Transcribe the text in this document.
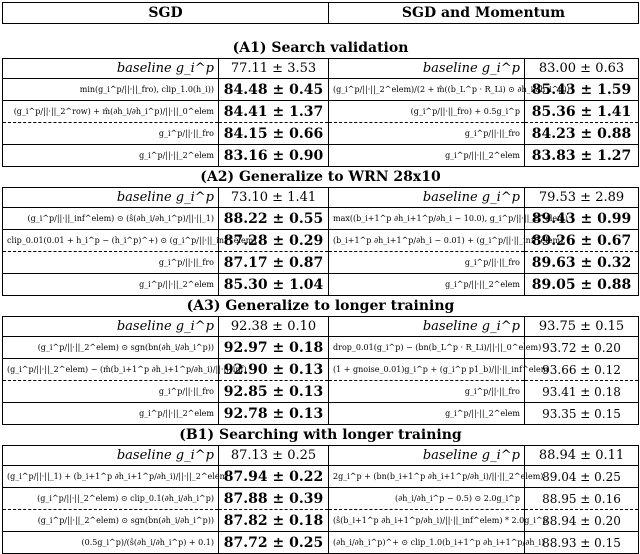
SGD		SGD and Momentum	

(A1) Search validation			
baseline g_i^p	77.11 ± 3.53	baseline g_i^p	83.00 ± 0.63
min(g_i^p/||·||_fro), clip_1.0(h_i))	84.48 ± 0.45	(g_i^p/||·||_2^elem)/(2 + m̂((b_L^p · R_Li) ⊙ ∂h_i/∂h_i^p))	85.43 ± 1.59
(g_i^p/||·||_2^row) + m̂(∂h_i/∂h_i^p)/||·||_0^elem	84.41 ± 1.37	(g_i^p/||·||_fro) + 0.5g_i^p	85.36 ± 1.41
g_i^p/||·||_fro	84.15 ± 0.66	g_i^p/||·||_fro	84.23 ± 0.88
g_i^p/||·||_2^elem	83.16 ± 0.90	g_i^p/||·||_2^elem	83.83 ± 1.27
(A2) Generalize to WRN 28x10			
baseline g_i^p	73.10 ± 1.41	baseline g_i^p	79.53 ± 2.89
(g_i^p/||·||_inf^elem) ⊙ (ŝ(∂h_i/∂h_i^p)/||·||_1)	88.22 ± 0.55	max((b_i+1^p ∂h_i+1^p/∂h_i − 10.0), g_i^p/||·||_2^elem)	89.43 ± 0.99
clip_0.01(0.01 + h_i^p − (h_i^p)^+) ⊙ (g_i^p/||·||_inf^elem)	87.28 ± 0.29	(b_i+1^p ∂h_i+1^p/∂h_i − 0.01) + (g_i^p/||·||_inf^elem)	89.26 ± 0.67
g_i^p/||·||_fro	87.17 ± 0.87	g_i^p/||·||_fro	89.63 ± 0.32
g_i^p/||·||_2^elem	85.30 ± 1.04	g_i^p/||·||_2^elem	89.05 ± 0.88
(A3) Generalize to longer training			
baseline g_i^p	92.38 ± 0.10	baseline g_i^p	93.75 ± 0.15
(g_i^p/||·||_2^elem) ⊙ sgn(bn(∂h_i/∂h_i^p))	92.97 ± 0.18	drop_0.01(g_i^p) − (bn(b_L^p · R_Li)/||·||_0^elem)	93.72 ± 0.20
(g_i^p/||·||_2^elem) − (m̂(b_i+1^p ∂h_i+1^p/∂h_i)/||·||_inf)	92.90 ± 0.13	(1 + gnoise_0.01)g_i^p + (g_i^p p1_b)/||·||_inf^elem	93.66 ± 0.12
g_i^p/||·||_fro	92.85 ± 0.13	g_i^p/||·||_fro	93.41 ± 0.18
g_i^p/||·||_2^elem	92.78 ± 0.13	g_i^p/||·||_2^elem	93.35 ± 0.15
(B1) Searching with longer training			
baseline g_i^p	87.13 ± 0.25	baseline g_i^p	88.94 ± 0.11
(g_i^p/||·||_1) + (b_i+1^p ∂h_i+1^p/∂h_i)/||·||_2^elem	87.94 ± 0.22	2g_i^p + (bn(b_i+1^p ∂h_i+1^p/∂h_i)/||·||_2^elem)	89.04 ± 0.25
(g_i^p/||·||_2^elem) ⊙ clip_0.1(∂h_i/∂h_i^p)	87.88 ± 0.39	(∂h_i/∂h_i^p − 0.5) ⊙ 2.0g_i^p	88.95 ± 0.16
(g_i^p/||·||_2^elem) ⊙ sgn(bn(∂h_i/∂h_i^p))	87.82 ± 0.18	(ŝ(b_i+1^p ∂h_i+1^p/∂h_i)/||·||_inf^elem) * 2.0g_i^p	88.94 ± 0.20
(0.5g_i^p)/(ŝ(∂h_i/∂h_i^p) + 0.1)	87.72 ± 0.25	(∂h_i/∂h_i^p)^+ ⊙ clip_1.0(b_i+1^p ∂h_i+1^p/∂h_i)	88.93 ± 0.15
